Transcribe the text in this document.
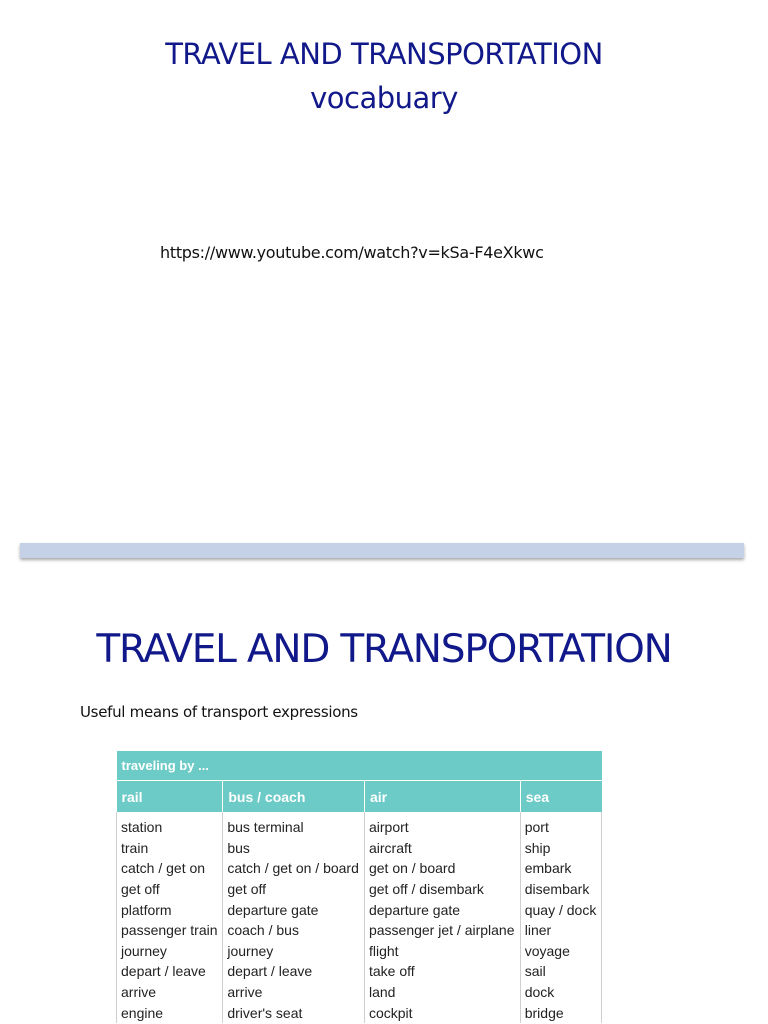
TRAVEL AND TRANSPORTATION
vocabuary
https://www.youtube.com/watch?v=kSa-F4eXkwc
TRAVEL AND TRANSPORTATION
Useful means of transport expressions
traveling by ...			
rail	bus / coach	air	sea

station	bus terminal	airport	port
train	bus	aircraft	ship
catch / get on	catch / get on / board	get on / board	embark
get off	get off	get off / disembark	disembark
platform	departure gate	departure gate	quay / dock
passenger train	coach / bus	passenger jet / airplane	liner
journey	journey	flight	voyage
depart / leave	depart / leave	take off	sail
arrive	arrive	land	dock
engine	driver's seat	cockpit	bridge
